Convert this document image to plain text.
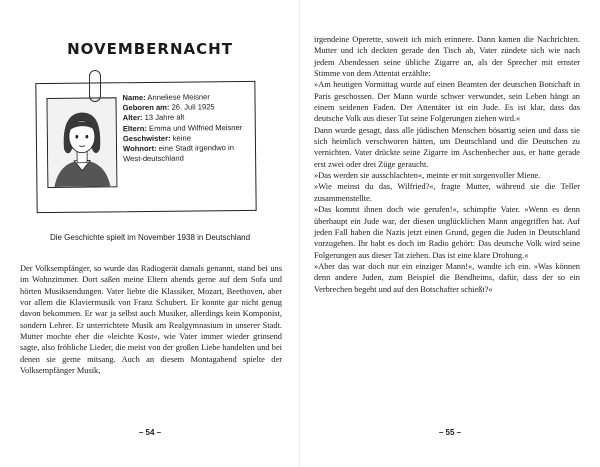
NOVEMBERNACHT
Name: Anneliese Meisner
Geboren am: 26. Juli 1925
Alter: 13 Jahre alt
Eltern: Emma und Wilfried Meisner
Geschwister: keine
Wohnort: eine Stadt irgendwo in West-deutschland
Die Geschichte spielt im November 1938 in Deutschland

Der Volksempfänger, so wurde das Radiogerät damals genannt, stand bei uns im Wohnzimmer. Dort saßen meine Eltern abends gerne auf dem Sofa und hörten Musiksendungen. Vater liebte die Klassiker, Mozart, Beethoven, aber vor allem die Klaviermusik von Franz Schubert. Er konnte gar nicht genug davon bekommen. Er war ja selbst auch Musiker, allerdings kein Komponist, sondern Lehrer. Er unterrichtete Musik am Realgymnasium in unserer Stadt. Mutter mochte eher die »leichte Kost«, wie Vater immer wieder grinsend sagte, also fröhliche Lieder, die meist von der großen Liebe handelten und bei denen sie gerne mitsang. Auch an diesem Montagabend spielte der Volksempfänger Musik,

– 54 –

irgendeine Operette, soweit ich mich erinnere. Dann kamen die Nachrichten. Mutter und ich deckten gerade den Tisch ab, Vater zündete sich wie nach jedem Abendessen seine übliche Zigarre an, als der Sprecher mit ernster Stimme von dem Attentat erzählte:

»Am heutigen Vormittag wurde auf einen Beamten der deutschen Botschaft in Paris geschossen. Der Mann wurde schwer verwundet, sein Leben hängt an einem seidenen Faden. Der Attentäter ist ein Jude. Es ist klar, dass das deutsche Volk aus dieser Tat seine Folgerungen ziehen wird.«

Dann wurde gesagt, dass alle jüdischen Menschen bösartig seien und dass sie sich heimlich verschworen hätten, um Deutschland und die Deutschen zu vernichten. Vater drückte seine Zigarre im Aschenbecher aus, er hatte gerade erst zwei oder drei Züge geraucht.

»Das werden sie ausschlachten«, meinte er mit sorgenvoller Miene.

»Wie meinst du das, Wilfried?«, fragte Mutter, während sie die Teller zusammenstellte.

»Das kommt ihnen doch wie gerufen!«, schimpfte Vater. »Wenn es denn überhaupt ein Jude war, der diesen unglücklichen Mann angegriffen hat. Auf jeden Fall haben die Nazis jetzt einen Grund, gegen die Juden in Deutschland vorzugehen. Ihr habt es doch im Radio gehört: Das deutsche Volk wird seine Folgerungen aus dieser Tat ziehen. Das ist eine klare Drohung.«

»Aber das war doch nur ein einziger Mann!«, wandte ich ein. »Was können denn andere Juden, zum Beispiel die Bendheims, dafür, dass der so ein Verbrechen begeht und auf den Botschafter schießt?«

– 55 –
